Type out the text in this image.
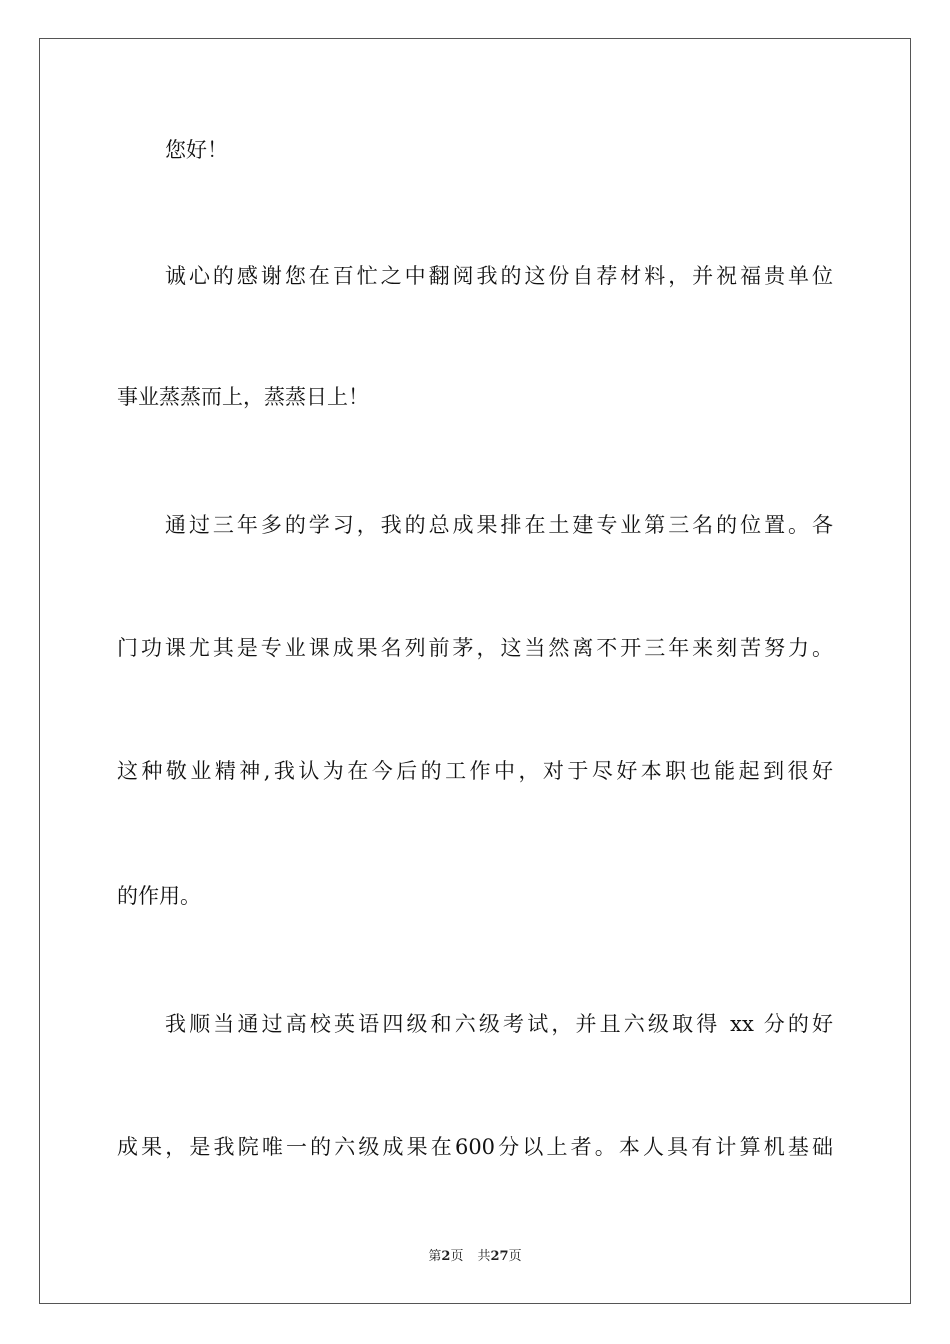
您好！
诚心的感谢您在百忙之中翻阅我的这份自荐材料，并祝福贵单位
事业蒸蒸而上，蒸蒸日上！
通过三年多的学习，我的总成果排在土建专业第三名的位置。各
门功课尤其是专业课成果名列前茅，这当然离不开三年来刻苦努力。
这种敬业精神,我认为在今后的工作中，对于尽好本职也能起到很好
的作用。
我顺当通过高校英语四级和六级考试，并且六级取得 xx 分的好
成果，是我院唯一的六级成果在600分以上者。本人具有计算机基础
第2页 共27页
